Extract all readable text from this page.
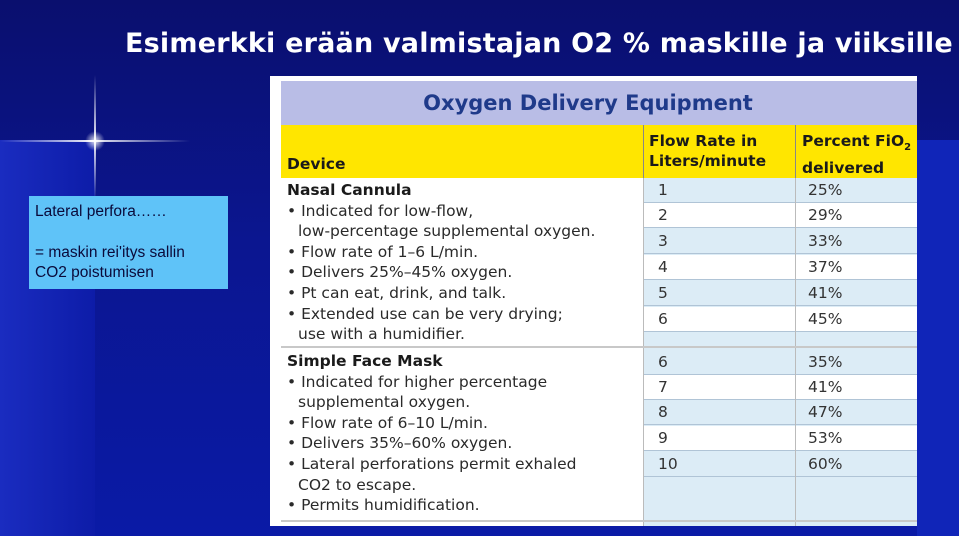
Esimerkki erään valmistajan O2 % maskille ja viiksille

Lateral perfora……

= maskin rei'itys sallin

CO2 poistumisen

Oxygen Delivery Equipment
Device
Flow Rate in
Liters/minute
Percent FiO$_2$
delivered
Nasal Cannula
• Indicated for low-flow,
low-percentage supplemental oxygen.
• Flow rate of 1–6 L/min.
• Delivers 25%–45% oxygen.
• Pt can eat, drink, and talk.
• Extended use can be very drying;
use with a humidifier.
Simple Face Mask
• Indicated for higher percentage
supplemental oxygen.
• Flow rate of 6–10 L/min.
• Delivers 35%–60% oxygen.
• Lateral perforations permit exhaled
CO2 to escape.
• Permits humidification.
1
2
3
4
5
6
6
7
8
9
10
25%
29%
33%
37%
41%
45%
35%
41%
47%
53%
60%
